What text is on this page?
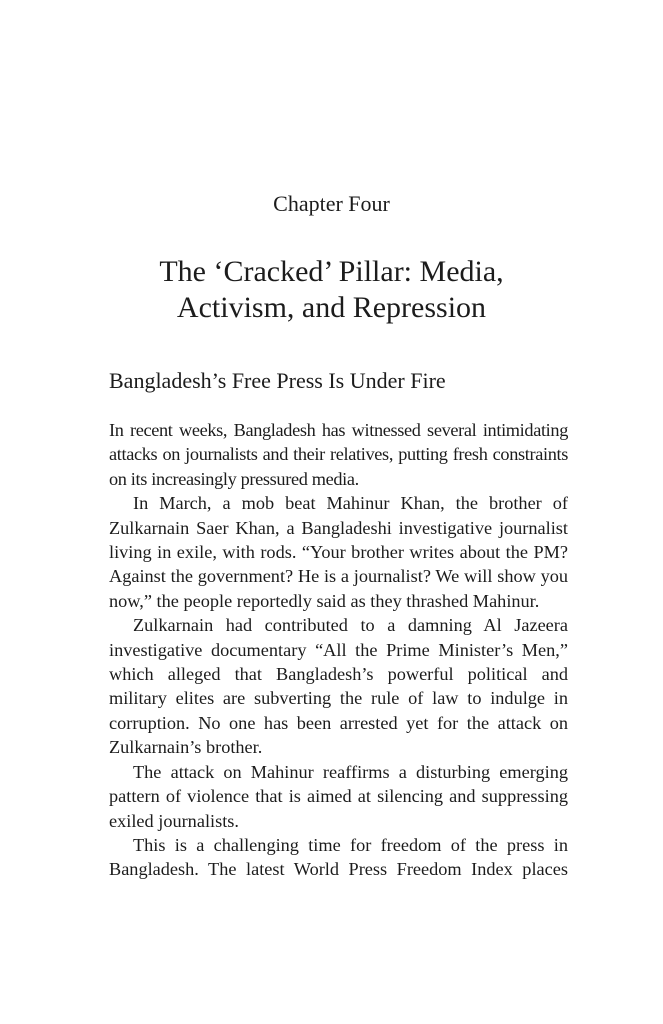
Chapter Four
The ‘Cracked’ Pillar: Media,
Activism, and Repression
Bangladesh’s Free Press Is Under Fire

In recent weeks, Bangladesh has witnessed several intimidating attacks on journalists and their relatives, putting fresh constraints on its increasingly pressured media.

In March, a mob beat Mahinur Khan, the brother of Zulkarnain Saer Khan, a Bangladeshi investigative journalist living in exile, with rods. “Your brother writes about the PM? Against the government? He is a journalist? We will show you now,” the people reportedly said as they thrashed Mahinur.

Zulkarnain had contributed to a damning Al Jazeera investigative documentary “All the Prime Minister’s Men,” which alleged that Bangladesh’s powerful political and military elites are subverting the rule of law to indulge in corruption. No one has been arrested yet for the attack on Zulkarnain’s brother.

The attack on Mahinur reaffirms a disturbing emerging pattern of violence that is aimed at silencing and suppressing exiled journalists.

This is a challenging time for freedom of the press in Bangladesh. The latest World Press Freedom Index places
